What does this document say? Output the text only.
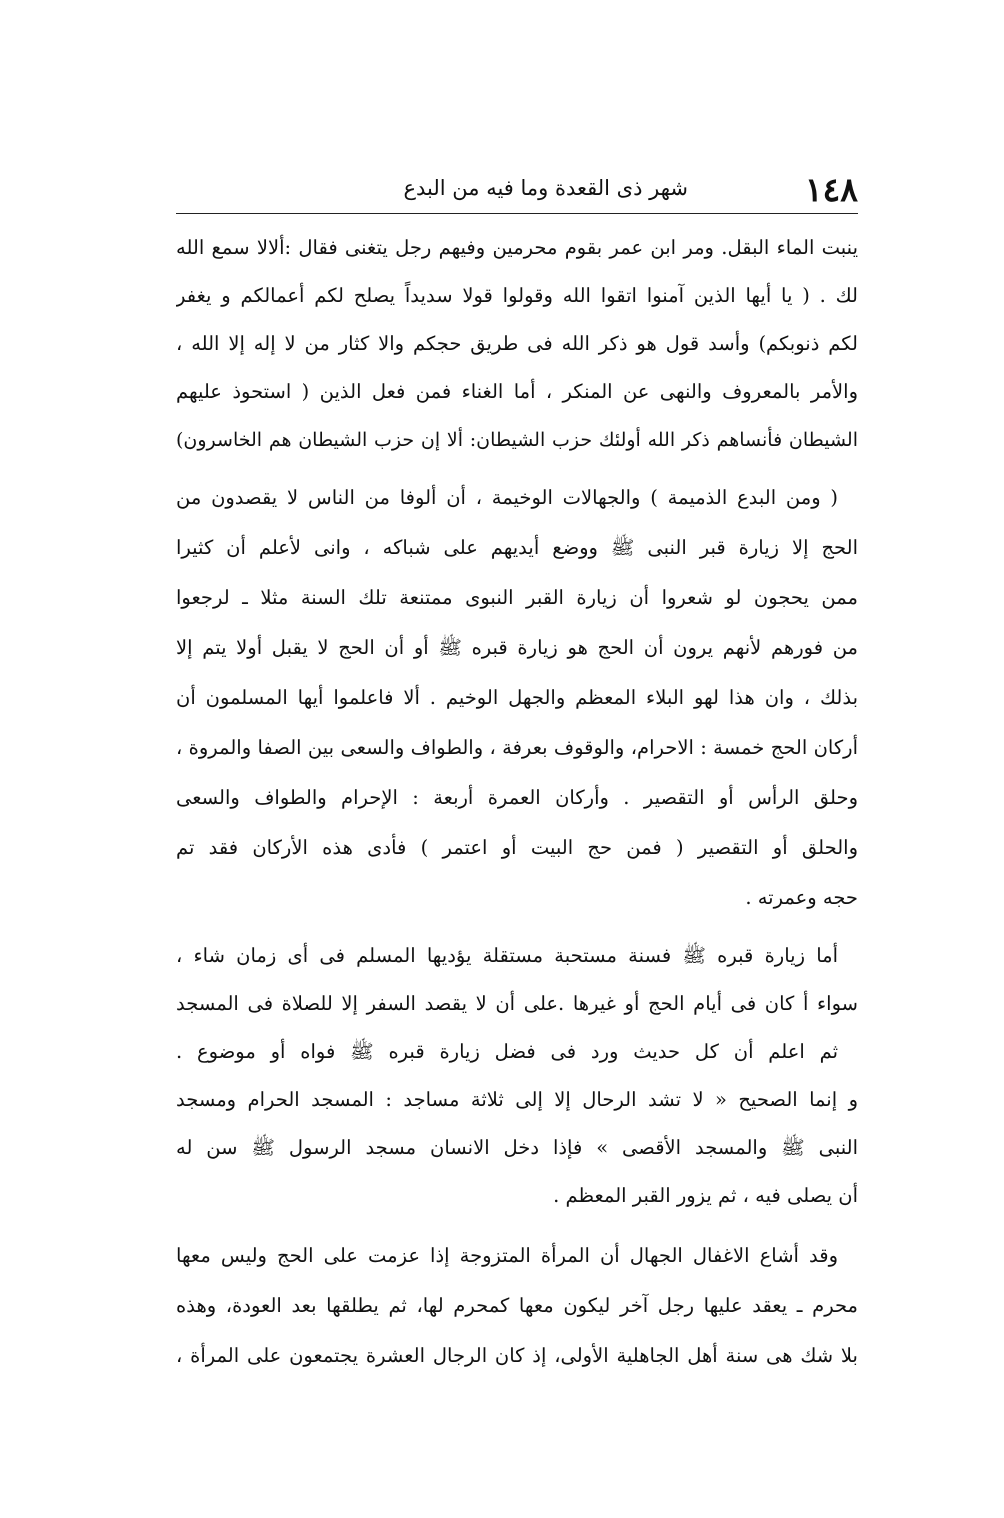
١٤٨
شهر ذى القعدة وما فيه من البدع
ينبت الماء البقل. ومر ابن عمر بقوم محرمين وفيهم رجل يتغنى فقال :ألالا سمع الله
لك . ( يا أيها الذين آمنوا اتقوا الله وقولوا قولا سديداً يصلح لكم أعمالكم و يغفر
لكم ذنوبكم) وأسد قول هو ذكر الله فى طريق حجكم والا كثار من لا إله إلا الله ،
والأمر بالمعروف والنهى عن المنكر ، أما الغناء فمن فعل الذين ( استحوذ عليهم
الشيطان فأنساهم ذكر الله أولئك حزب الشيطان: ألا إن حزب الشيطان هم الخاسرون)
( ومن البدع الذميمة ) والجهالات الوخيمة ، أن ألوفا من الناس لا يقصدون من
الحج إلا زيارة قبر النبى ﷺ ووضع أيديهم على شباكه ، وانى لأعلم أن كثيرا
ممن يحجون لو شعروا أن زيارة القبر النبوى ممتنعة تلك السنة مثلا ـ لرجعوا
من فورهم لأنهم يرون أن الحج هو زيارة قبره ﷺ أو أن الحج لا يقبل أولا يتم إلا
بذلك ، وان هذا لهو البلاء المعظم والجهل الوخيم . ألا فاعلموا أيها المسلمون أن
أركان الحج خمسة : الاحرام، والوقوف بعرفة ، والطواف والسعى بين الصفا والمروة ،
وحلق الرأس أو التقصير . وأركان العمرة أربعة : الإحرام والطواف والسعى
والحلق أو التقصير ( فمن حج البيت أو اعتمر ) فأدى هذه الأركان فقد تم
حجه وعمرته .
أما زيارة قبره ﷺ فسنة مستحبة مستقلة يؤديها المسلم فى أى زمان شاء ،
سواء أ كان فى أيام الحج أو غيرها .على أن لا يقصد السفر إلا للصلاة فى المسجد
ثم اعلم أن كل حديث ورد فى فضل زيارة قبره ﷺ فواه أو موضوع .
و إنما الصحيح « لا تشد الرحال إلا إلى ثلاثة مساجد : المسجد الحرام ومسجد
النبى ﷺ والمسجد الأقصى » فإذا دخل الانسان مسجد الرسول ﷺ سن له
أن يصلى فيه ، ثم يزور القبر المعظم .
وقد أشاع الاغفال الجهال أن المرأة المتزوجة إذا عزمت على الحج وليس معها
محرم ـ يعقد عليها رجل آخر ليكون معها كمحرم لها، ثم يطلقها بعد العودة، وهذه
بلا شك هى سنة أهل الجاهلية الأولى، إذ كان الرجال العشرة يجتمعون على المرأة ،
